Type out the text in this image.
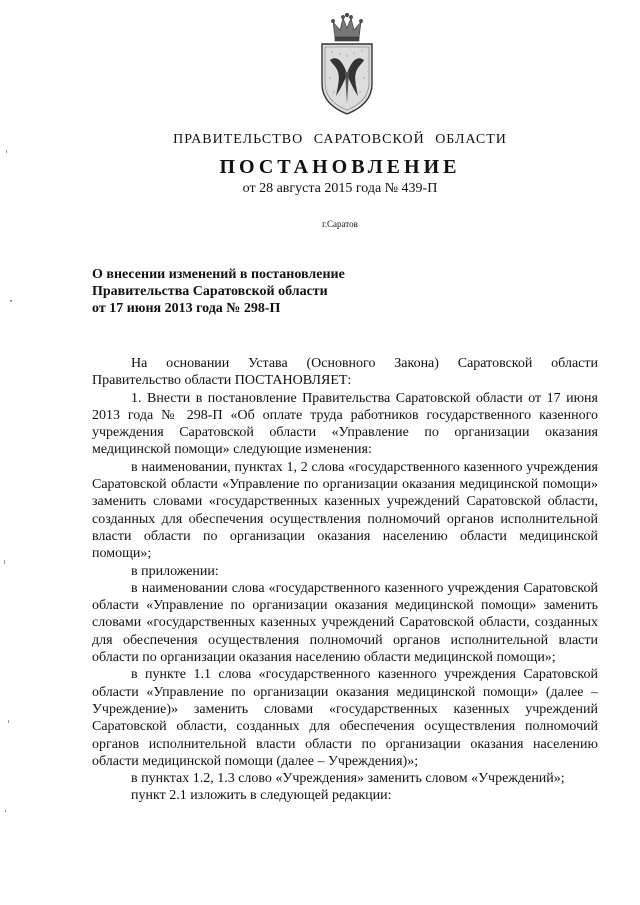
ПРАВИТЕЛЬСТВО САРАТОВСКОЙ ОБЛАСТИ
ПОСТАНОВЛЕНИЕ
от 28 августа 2015 года № 439-П
г.Саратов
О внесении изменений в постановление
Правительства Саратовской области
от 17 июня 2013 года № 298-П

На основании Устава (Основного Закона) Саратовской области Правительство области ПОСТАНОВЛЯЕТ:

1. Внести в постановление Правительства Саратовской области от 17 июня 2013 года № 298-П «Об оплате труда работников государственного казенного учреждения Саратовской области «Управление по организации оказания медицинской помощи» следующие изменения:

в наименовании, пунктах 1, 2 слова «государственного казенного учреждения Саратовской области «Управление по организации оказания медицинской помощи» заменить словами «государственных казенных учреждений Саратовской области, созданных для обеспечения осуществления полномочий органов исполнительной власти области по организации оказания населению области медицинской помощи»;

в приложении:

в наименовании слова «государственного казенного учреждения Саратовской области «Управление по организации оказания медицинской помощи» заменить словами «государственных казенных учреждений Саратовской области, созданных для обеспечения осуществления полномочий органов исполнительной власти области по организации оказания населению области медицинской помощи»;

в пункте 1.1 слова «государственного казенного учреждения Саратовской области «Управление по организации оказания медицинской помощи» (далее – Учреждение)» заменить словами «государственных казенных учреждений Саратовской области, созданных для обеспечения осуществления полномочий органов исполнительной власти области по организации оказания населению области медицинской помощи (далее – Учреждения)»;

в пунктах 1.2, 1.3 слово «Учреждения» заменить словом «Учреждений»;

пункт 2.1 изложить в следующей редакции:
